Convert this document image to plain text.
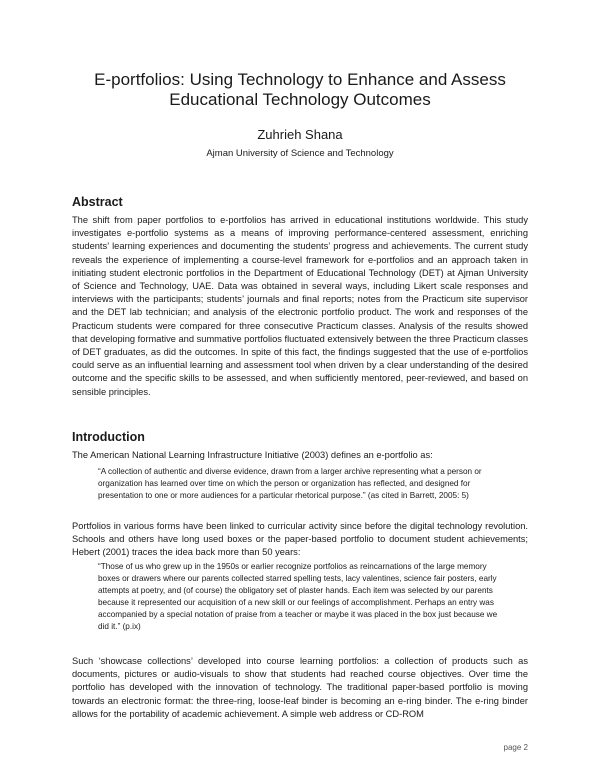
E-portfolios: Using Technology to Enhance and Assess Educational Technology Outcomes
Zuhrieh Shana
Ajman University of Science and Technology
Abstract
The shift from paper portfolios to e-portfolios has arrived in educational institutions worldwide. This study investigates e-portfolio systems as a means of improving performance-centered assessment, enriching students’ learning experiences and documenting the students’ progress and achievements. The current study reveals the experience of implementing a course-level framework for e-portfolios and an approach taken in initiating student electronic portfolios in the Department of Educational Technology (DET) at Ajman University of Science and Technology, UAE. Data was obtained in several ways, including Likert scale responses and interviews with the participants; students’ journals and final reports; notes from the Practicum site supervisor and the DET lab technician; and analysis of the electronic portfolio product. The work and responses of the Practicum students were compared for three consecutive Practicum classes. Analysis of the results showed that developing formative and summative portfolios fluctuated extensively between the three Practicum classes of DET graduates, as did the outcomes. In spite of this fact, the findings suggested that the use of e-portfolios could serve as an influential learning and assessment tool when driven by a clear understanding of the desired outcome and the specific skills to be assessed, and when sufficiently mentored, peer-reviewed, and based on sensible principles.
Introduction
The American National Learning Infrastructure Initiative (2003) defines an e-portfolio as:
“A collection of authentic and diverse evidence, drawn from a larger archive representing what a person or organization has learned over time on which the person or organization has reflected, and designed for presentation to one or more audiences for a particular rhetorical purpose.” (as cited in Barrett, 2005: 5)
Portfolios in various forms have been linked to curricular activity since before the digital technology revolution. Schools and others have long used boxes or the paper-based portfolio to document student achievements; Hebert (2001) traces the idea back more than 50 years:
“Those of us who grew up in the 1950s or earlier recognize portfolios as reincarnations of the large memory boxes or drawers where our parents collected starred spelling tests, lacy valentines, science fair posters, early attempts at poetry, and (of course) the obligatory set of plaster hands. Each item was selected by our parents because it represented our acquisition of a new skill or our feelings of accomplishment. Perhaps an entry was accompanied by a special notation of praise from a teacher or maybe it was placed in the box just because we did it.” (p.ix)
Such ‘showcase collections’ developed into course learning portfolios: a collection of products such as documents, pictures or audio-visuals to show that students had reached course objectives. Over time the portfolio has developed with the innovation of technology. The traditional paper-based portfolio is moving towards an electronic format: the three-ring, loose-leaf binder is becoming an e-ring binder. The e-ring binder allows for the portability of academic achievement. A simple web address or CD-ROM
page 2
